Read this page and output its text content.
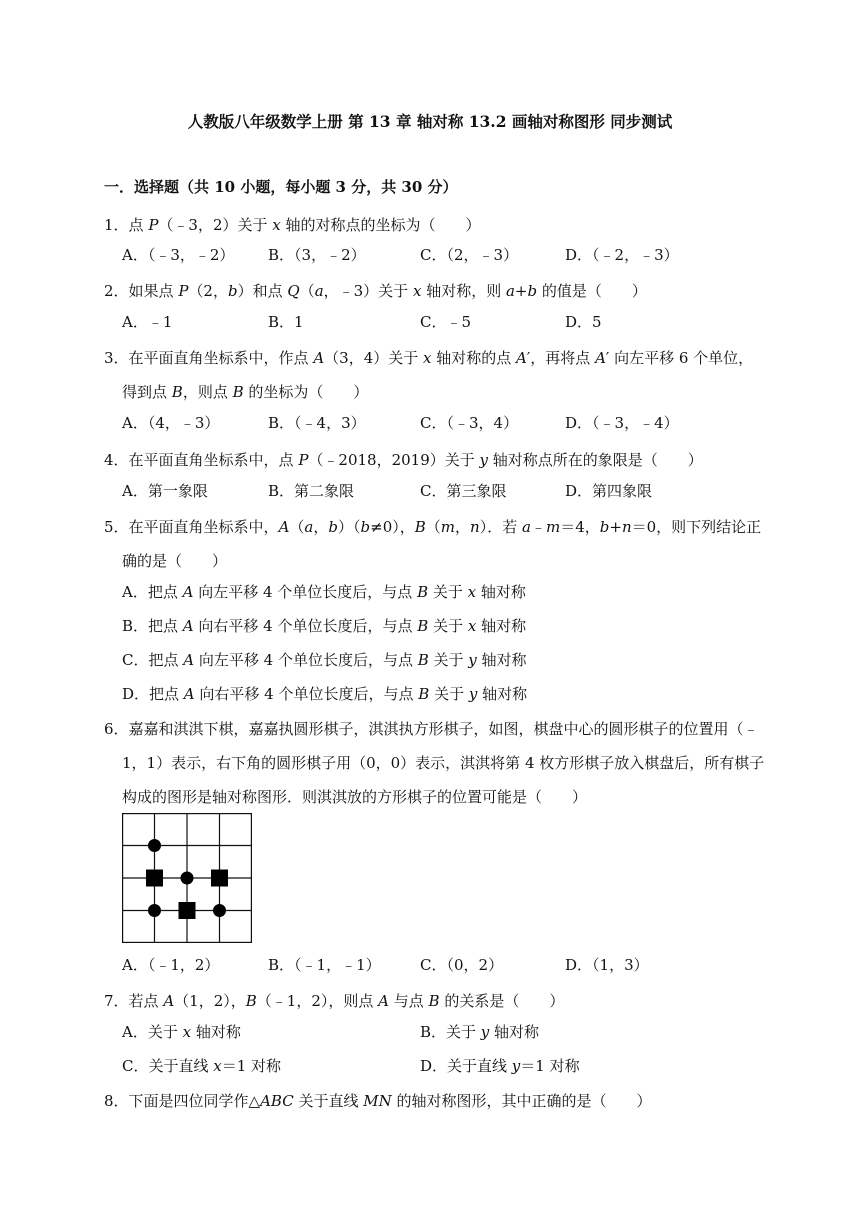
人教版八年级数学上册 第 13 章 轴对称 13.2 画轴对称图形 同步测试
一．选择题（共 10 小题，每小题 3 分，共 30 分）
1．点 P（﹣3，2）关于 x 轴的对称点的坐标为（　　）
A．（﹣3，﹣2） B．（3，﹣2）	C．（2，﹣3）	D．（﹣2，﹣3）
2．如果点 P（2，b）和点 Q（a，﹣3）关于 x 轴对称，则 a+b 的值是（　　）
A．﹣1	B．1	C．﹣5	D．5
3．在平面直角坐标系中，作点 A（3，4）关于 x 轴对称的点 A′，再将点 A′ 向左平移 6 个单位，
得到点 B，则点 B 的坐标为（　　）
A．（4，﹣3）	B．（﹣4，3）	C．（﹣3，4）	D．（﹣3，﹣4）
4．在平面直角坐标系中，点 P（﹣2018，2019）关于 y 轴对称点所在的象限是（　　）
A．第一象限	B．第二象限	C．第三象限	D．第四象限
5．在平面直角坐标系中，A（a，b）（b≠0），B（m，n）．若 a﹣m＝4，b+n＝0，则下列结论正
确的是（　　）
A．把点 A 向左平移 4 个单位长度后，与点 B 关于 x 轴对称
B．把点 A 向右平移 4 个单位长度后，与点 B 关于 x 轴对称
C．把点 A 向左平移 4 个单位长度后，与点 B 关于 y 轴对称
D．把点 A 向右平移 4 个单位长度后，与点 B 关于 y 轴对称
6．嘉嘉和淇淇下棋，嘉嘉执圆形棋子，淇淇执方形棋子，如图，棋盘中心的圆形棋子的位置用（﹣
1，1）表示，右下角的圆形棋子用（0，0）表示，淇淇将第 4 枚方形棋子放入棋盘后，所有棋子
构成的图形是轴对称图形．则淇淇放的方形棋子的位置可能是（　　）
A．（﹣1，2）	B．（﹣1，﹣1）	C．（0，2）	D．（1，3）
7．若点 A（1，2），B（﹣1，2），则点 A 与点 B 的关系是（　　）
A．关于 x 轴对称	B．关于 y 轴对称
C．关于直线 x＝1 对称	D．关于直线 y＝1 对称
8．下面是四位同学作△ABC 关于直线 MN 的轴对称图形，其中正确的是（　　）
